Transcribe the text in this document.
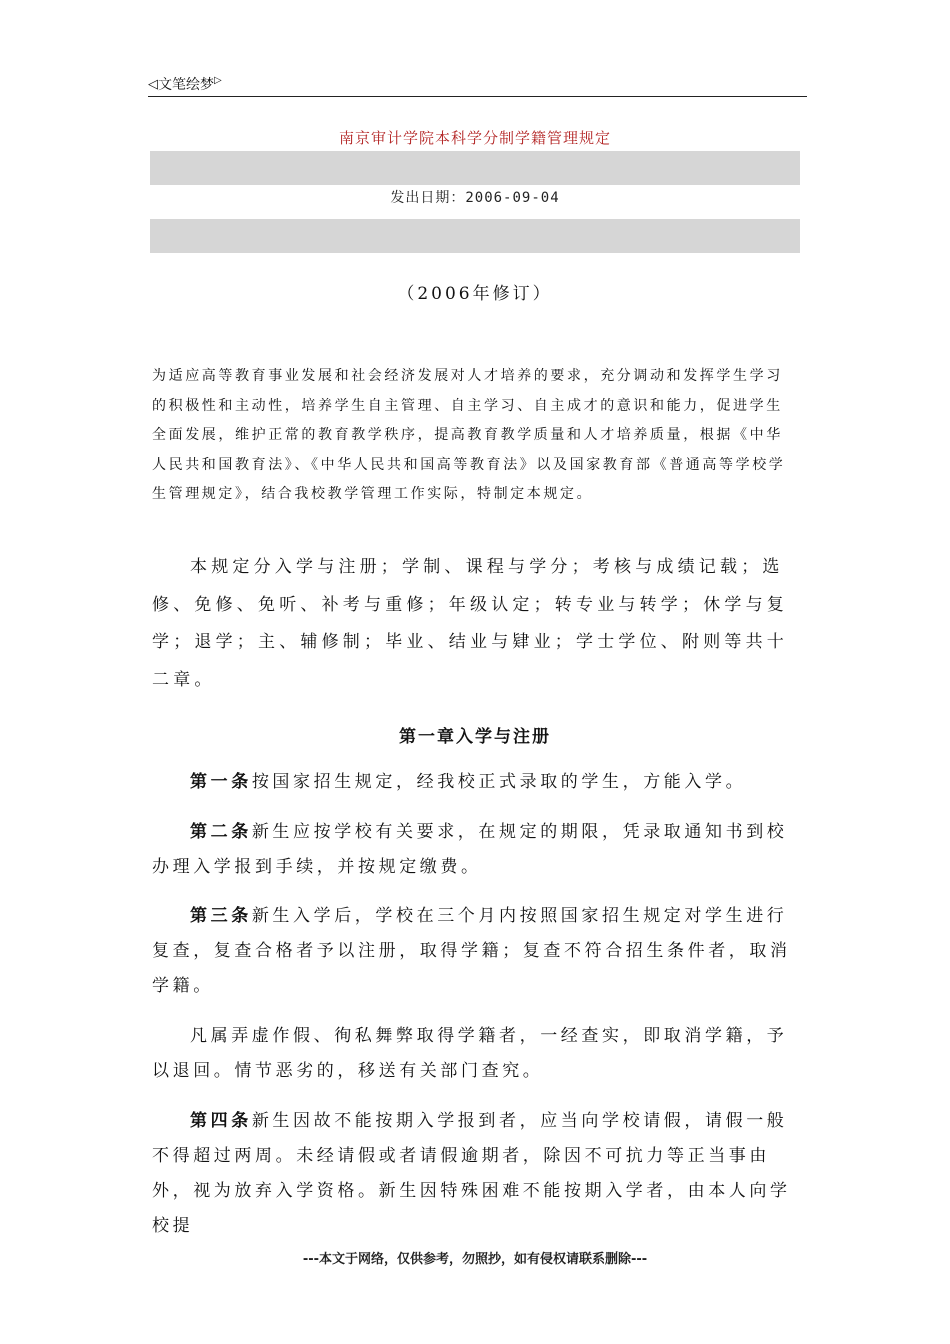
◁ 文笔绘梦 ▷
南京审计学院本科学分制学籍管理规定
发出日期：2006-09-04
（2006年修订）
为适应高等教育事业发展和社会经济发展对人才培养的要求，充分调动和发挥学生学习的积极性和主动性，培养学生自主管理、自主学习、自主成才的意识和能力，促进学生全面发展，维护正常的教育教学秩序，提高教育教学质量和人才培养质量，根据《中华人民共和国教育法》、《中华人民共和国高等教育法》以及国家教育部《普通高等学校学生管理规定》，结合我校教学管理工作实际，特制定本规定。
本规定分入学与注册；学制、课程与学分；考核与成绩记载；选修、免修、免听、补考与重修；年级认定；转专业与转学；休学与复学；退学；主、辅修制；毕业、结业与肄业；学士学位、附则等共十二章。
第一章入学与注册
第一条按国家招生规定，经我校正式录取的学生，方能入学。
第二条新生应按学校有关要求，在规定的期限，凭录取通知书到校办理入学报到手续，并按规定缴费。
第三条新生入学后，学校在三个月内按照国家招生规定对学生进行复查，复查合格者予以注册，取得学籍；复查不符合招生条件者，取消学籍。
凡属弄虚作假、徇私舞弊取得学籍者，一经查实，即取消学籍，予以退回。情节恶劣的，移送有关部门查究。
第四条新生因故不能按期入学报到者，应当向学校请假，请假一般不得超过两周。未经请假或者请假逾期者，除因不可抗力等正当事由外，视为放弃入学资格。新生因特殊困难不能按期入学者，由本人向学校提
---本文于网络，仅供参考，勿照抄，如有侵权请联系删除---
